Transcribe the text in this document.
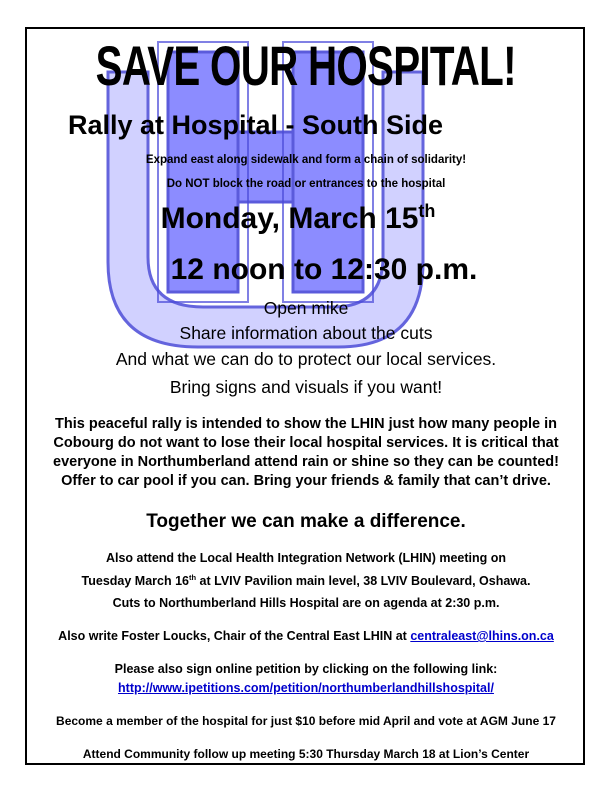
SAVE OUR HOSPITAL!
Rally at Hospital - South Side
Expand east along sidewalk and form a chain of solidarity!
Do NOT block the road or entrances to the hospital
Monday, March 15th
12 noon to 12:30 p.m.
Open mike
Share information about the cuts
And what we can do to protect our local services.
Bring signs and visuals if you want!
This peaceful rally is intended to show the LHIN just how many people in
Cobourg do not want to lose their local hospital services. It is critical that
everyone in Northumberland attend rain or shine so they can be counted!
Offer to car pool if you can. Bring your friends & family that can’t drive.
Together we can make a difference.
Also attend the Local Health Integration Network (LHIN) meeting on
Tuesday March 16th at LVIV Pavilion main level, 38 LVIV Boulevard, Oshawa.
Cuts to Northumberland Hills Hospital are on agenda at 2:30 p.m.
Also write Foster Loucks, Chair of the Central East LHIN at centraleast@lhins.on.ca
Please also sign online petition by clicking on the following link:
http://www.ipetitions.com/petition/northumberlandhillshospital/
Become a member of the hospital for just $10 before mid April and vote at AGM June 17
Attend Community follow up meeting 5:30 Thursday March 18 at Lion’s Center
